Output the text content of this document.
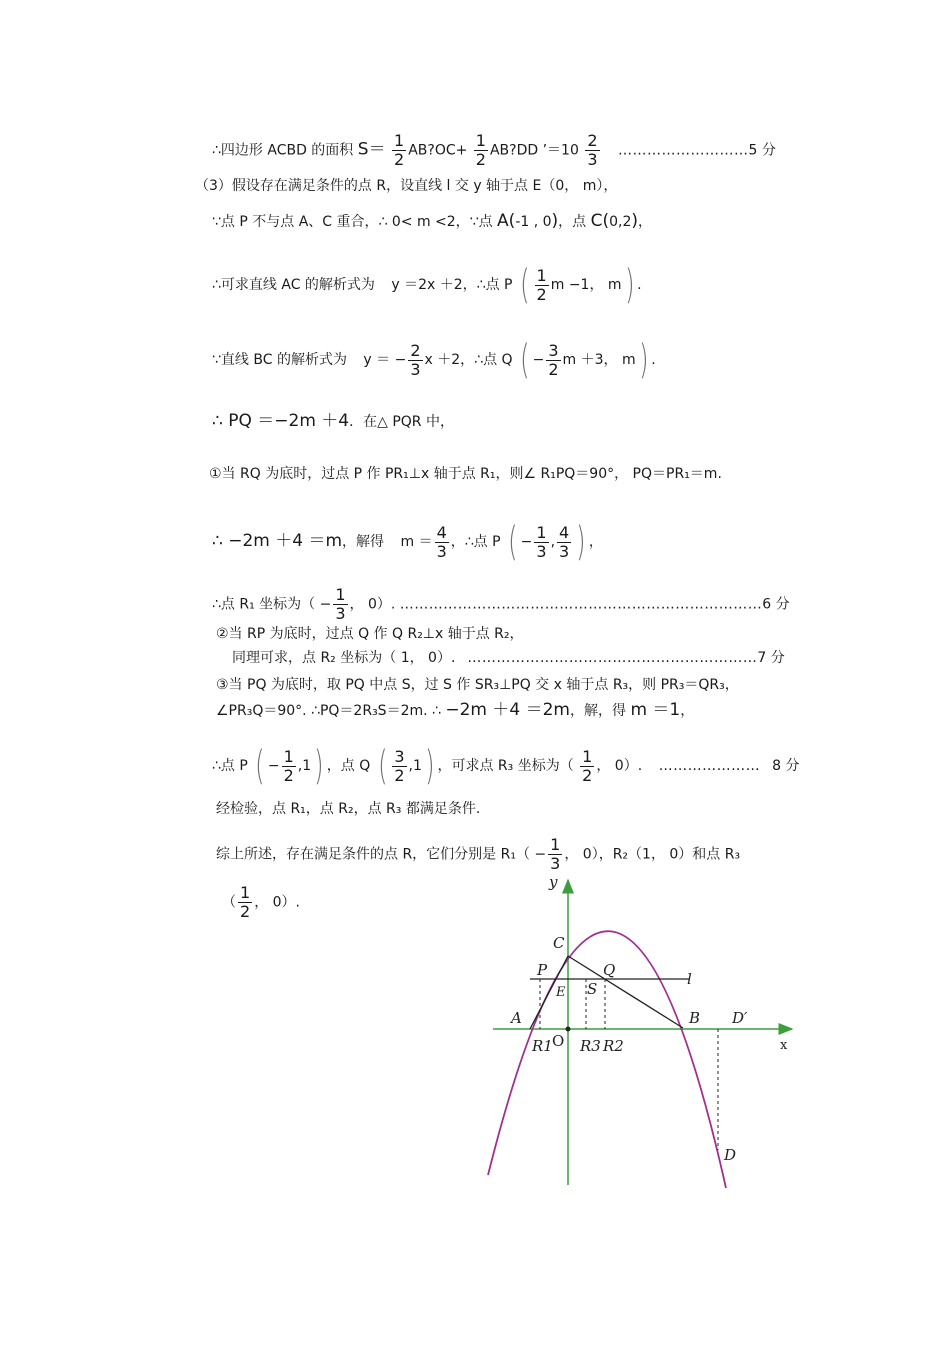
∴四边形 ACBD 的面积 $S= \frac{1}{2}$ AB?OC+ $\frac{1}{2}$ AB?DD ’＝10 $\frac{2}{3}$ ………………………5 分
（3）假设存在满足条件的点 R，设直线 l 交 y 轴于点 E（0， m），
∵点 P 不与点 A、C 重合，∴ 0< m <2，∵点 A(-1 , 0)，点 C(0,2)，
∴可求直线 AC 的解析式为 y ＝2x ＋2，∴点 P ( $\frac{1}{2}$ m −1， m) .
∵直线 BC 的解析式为 y ＝ − $\frac{2}{3}$ x ＋2，∴点 Q ( − $\frac{3}{2}$ m ＋3， m) .
∴ PQ ＝−2m ＋4．在△ PQR 中，
①当 RQ 为底时，过点 P 作 PR₁⊥x 轴于点 R₁，则∠ R₁PQ＝90°， PQ＝PR₁＝m.
∴ −2m ＋4 ＝m，解得 $m = \frac{4}{3}$ ，∴点 P ( − $\frac{1}{3}$ , $\frac{4}{3}$ ) ，
∴点 R₁ 坐标为（ − $\frac{1}{3}$ ， 0）. …………………………………………………………………6 分
②当 RP 为底时，过点 Q 作 Q R₂⊥x 轴于点 R₂，
同理可求，点 R₂ 坐标为（ 1， 0）. ……………………………………………………7 分
③当 PQ 为底时，取 PQ 中点 S，过 S 作 SR₃⊥PQ 交 x 轴于点 R₃，则 PR₃＝QR₃，
∠PR₃Q＝90°. ∴PQ＝2R₃S＝2m. ∴ −2m ＋4 ＝2m，解，得 m ＝1，
∴点 P ( − $\frac{1}{2} ,1$) ，点 Q ( $\frac{3}{2} ,1$) ，可求点 R₃ 坐标为（ $\frac{1}{2}$ ， 0）. ………………… 8 分
经检验，点 R₁，点 R₂，点 R₃ 都满足条件.
综上所述，存在满足条件的点 R，它们分别是 $R_1( - \frac{1}{3}$ ， 0），R₂（1， 0）和点 R₃
（ $\frac{1}{2}$ ， 0）.
y
x
C
P	Q	l
E S
A	B D′
R1 O R3 R2
D
